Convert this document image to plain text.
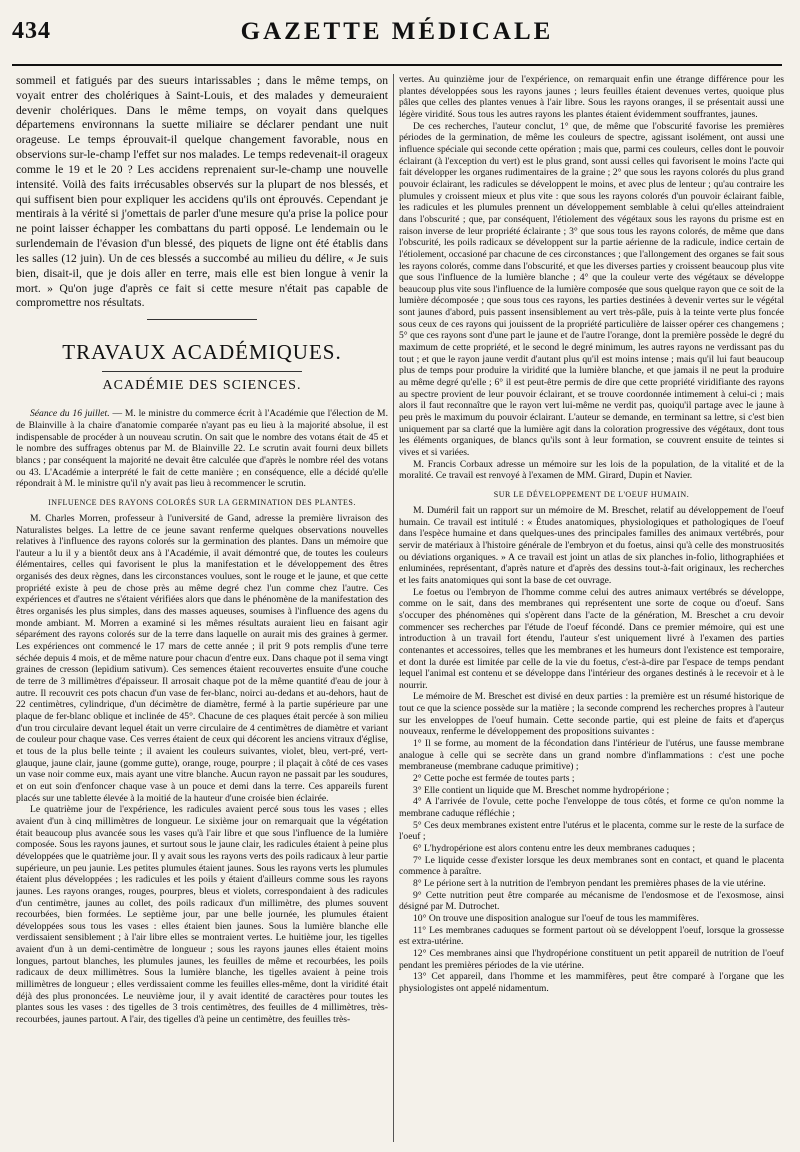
GAZETTE MÉDICALE
434

sommeil et fatigués par des sueurs intarissables ; dans le même temps, on voyait entrer des cholériques à Saint-Louis, et des malades y demeuraient devenir cholériques. Dans le même temps, on voyait dans quelques départemens environnans la suette miliaire se déclarer pendant une nuit orageuse. Le temps éprouvait-il quelque changement favorable, nous en observions sur-le-champ l'effet sur nos malades. Le temps redevenait-il orageux comme le 19 et le 20 ? Les accidens reprenaient sur-le-champ une nouvelle intensité. Voilà des faits irrécusables observés sur la plupart de nos blessés, et qui suffisent bien pour expliquer les accidens qu'ils ont éprouvés. Cependant je mentirais à la vérité si j'omettais de parler d'une mesure qu'a prise la police pour ne point laisser échapper les combattans du parti opposé. Le lendemain ou le surlendemain de l'évasion d'un blessé, des piquets de ligne ont été établis dans les salles (12 juin). Un de ces blessés a succombé au milieu du délire, « Je suis bien, disait-il, que je dois aller en terre, mais elle est bien longue à venir la mort. » Qu'on juge d'après ce fait si cette mesure n'était pas capable de compromettre nos résultats.

TRAVAUX ACADÉMIQUES.
ACADÉMIE DES SCIENCES.

Séance du 16 juillet. — M. le ministre du commerce écrit à l'Académie que l'élection de M. de Blainville à la chaire d'anatomie comparée n'ayant pas eu lieu à la majorité absolue, il est indispensable de procéder à un nouveau scrutin. On sait que le nombre des votans était de 45 et le nombre des suffrages obtenus par M. de Blainville 22. Le scrutin avait fourni deux billets blancs ; par conséquent la majorité ne devait être calculée que d'après le nombre réel des votans ou 43. L'Académie a interprété le fait de cette manière ; en conséquence, elle a décidé qu'elle répondrait à M. le ministre qu'il n'y avait pas lieu à recommencer le scrutin.

INFLUENCE DES RAYONS COLORÉS SUR LA GERMINATION DES PLANTES.

M. Charles Morren, professeur à l'université de Gand, adresse la première livraison des Naturalistes belges. La lettre de ce jeune savant renferme quelques observations nouvelles relatives à l'influence des rayons colorés sur la germination des plantes. Dans un mémoire que l'auteur a lu il y a bientôt deux ans à l'Académie, il avait démontré que, de toutes les couleurs élémentaires, celles qui favorisent le plus la manifestation et le développement des êtres organisés des deux règnes, dans les circonstances voulues, sont le rouge et le jaune, et que cette propriété existe à peu de chose près au même degré chez l'un comme chez l'autre. Ces expériences et d'autres ne s'étaient vérifiées alors que dans le phénomène de la manifestation des êtres organisés les plus simples, dans des masses aqueuses, soumises à l'influence des agens du monde ambiant. M. Morren a examiné si les mêmes résultats auraient lieu en faisant agir séparément des rayons colorés sur de la terre dans laquelle on aurait mis des graines à germer. Les expériences ont commencé le 17 mars de cette année ; il prit 9 pots remplis d'une terre séchée depuis 4 mois, et de même nature pour chacun d'entre eux. Dans chaque pot il sema vingt graines de cresson (lepidium sativum). Ces semences étaient recouvertes ensuite d'une couche de terre de 3 millimètres d'épaisseur. Il arrosait chaque pot de la même quantité d'eau de jour à autre. Il recouvrit ces pots chacun d'un vase de fer-blanc, noirci au-dedans et au-dehors, haut de 22 centimètres, cylindrique, d'un décimètre de diamètre, fermé à la partie supérieure par une plaque de fer-blanc oblique et inclinée de 45°. Chacune de ces plaques était percée à son milieu d'un trou circulaire devant lequel était un verre circulaire de 4 centimètres de diamètre et variant de couleur pour chaque vase. Ces verres étaient de ceux qui décorent les anciens vitraux d'église, et tous de la plus belle teinte ; il avaient les couleurs suivantes, violet, bleu, vert-pré, vert-glauque, jaune clair, jaune (gomme gutte), orange, rouge, pourpre ; il plaçait à côté de ces vases un vase noir comme eux, mais ayant une vitre blanche. Aucun rayon ne passait par les soudures, et on eut soin d'enfoncer chaque vase à un pouce et demi dans la terre. Ces appareils furent placés sur une tablette élevée à la moitié de la hauteur d'une croisée bien éclairée.

Le quatrième jour de l'expérience, les radicules avaient percé sous tous les vases ; elles avaient d'un à cinq millimètres de longueur. Le sixième jour on remarquait que la végétation était beaucoup plus avancée sous les vases qu'à l'air libre et que sous l'influence de la lumière composée. Sous les rayons jaunes, et surtout sous le jaune clair, les radicules étaient à peine plus développées que le quatrième jour. Il y avait sous les rayons verts des poils radicaux à leur partie supérieure, un peu jaunie. Les petites plumules étaient jaunes. Sous les rayons verts les plumules étaient plus développées ; les radicules et les poils y étaient d'ailleurs comme sous les rayons jaunes. Les rayons oranges, rouges, pourpres, bleus et violets, correspondaient à des radicules d'un centimètre, jaunes au collet, des poils radicaux d'un millimètre, des plumes souvent recourbées, bien formées. Le septième jour, par une belle journée, les plumules étaient développées sous tous les vases : elles étaient bien jaunes. Sous la lumière blanche elle verdissaient sensiblement ; à l'air libre elles se montraient vertes. Le huitième jour, les tigelles avaient d'un à un demi-centimètre de longueur ; sous les rayons jaunes elles étaient moins longues, partout blanches, les plumules jaunes, les feuilles de même et recourbées, les poils radicaux de deux millimètres. Sous la lumière blanche, les tigelles avaient à peine trois millimètres de longueur ; elles verdissaient comme les feuilles elles-même, dont la viridité était déjà des plus prononcées. Le neuvième jour, il y avait identité de caractères pour toutes les plantes sous les vases : des tigelles de 3 trois centimètres, des feuilles de 4 millimètres, très-recourbées, jaunes partout. A l'air, des tigelles d'à peine un centimètre, des feuilles très-

vertes. Au quinzième jour de l'expérience, on remarquait enfin une étrange différence pour les plantes développées sous les rayons jaunes ; leurs feuilles étaient devenues vertes, quoique plus pâles que celles des plantes venues à l'air libre. Sous les rayons oranges, il se présentait aussi une légère viridité. Sous tous les autres rayons les plantes étaient évidemment souffrantes, jaunes.

De ces recherches, l'auteur conclut, 1° que, de même que l'obscurité favorise les premières périodes de la germination, de même les couleurs de spectre, agissant isolément, ont aussi une influence spéciale qui seconde cette opération ; mais que, parmi ces couleurs, celles dont le pouvoir éclairant (à l'exception du vert) est le plus grand, sont aussi celles qui favorisent le moins l'acte qui fait développer les organes rudimentaires de la graine ; 2° que sous les rayons colorés du plus grand pouvoir éclairant, les radicules se développent le moins, et avec plus de lenteur ; qu'au contraire les plumules y croissent mieux et plus vite : que sous les rayons colorés d'un pouvoir éclairant faible, les radicules et les plumules prennent un développement semblable à celui qu'elles atteindraient dans l'obscurité ; que, par conséquent, l'étiolement des végétaux sous les rayons du prisme est en raison inverse de leur propriété éclairante ; 3° que sous tous les rayons colorés, de même que dans l'obscurité, les poils radicaux se développent sur la partie aérienne de la radicule, indice certain de l'étiolement, occasioné par chacune de ces circonstances ; que l'allongement des organes se fait sous les rayons colorés, comme dans l'obscurité, et que les diverses parties y croissent beaucoup plus vite que sous l'influence de la lumière blanche ; 4° que la couleur verte des végétaux se développe beaucoup plus vite sous l'influence de la lumière composée que sous quelque rayon que ce soit de la lumière décomposée ; que sous tous ces rayons, les parties destinées à devenir vertes sur le végétal sont jaunes d'abord, puis passent insensiblement au vert très-pâle, puis à la teinte verte plus foncée sous ceux de ces rayons qui jouissent de la propriété particulière de laisser opérer ces changemens ; 5° que ces rayons sont d'une part le jaune et de l'autre l'orange, dont la première possède le degré du maximum de cette propriété, et le second le degré minimum, les autres rayons ne verdissant pas du tout ; et que le rayon jaune verdit d'autant plus qu'il est moins intense ; mais qu'il lui faut beaucoup plus de temps pour produire la viridité que la lumière blanche, et que jamais il ne peut la produire au même degré qu'elle ; 6° il est peut-être permis de dire que cette propriété viridifiante des rayons au spectre provient de leur pouvoir éclairant, et se trouve coordonnée intimement à celui-ci ; mais alors il faut reconnaître que le rayon vert lui-même ne verdit pas, quoiqu'il partage avec le jaune à peu près le maximum du pouvoir éclairant. L'auteur se demande, en terminant sa lettre, si c'est bien uniquement par sa clarté que la lumière agit dans la coloration progressive des végétaux, dont tous les éléments organiques, de blancs qu'ils sont à leur formation, se couvrent ensuite de teintes si vives et si variées.

M. Francis Corbaux adresse un mémoire sur les lois de la population, de la vitalité et de la moralité. Ce travail est renvoyé à l'examen de MM. Girard, Dupin et Navier.

SUR LE DÉVELOPPEMENT DE L'OEUF HUMAIN.

M. Duméril fait un rapport sur un mémoire de M. Breschet, relatif au développement de l'oeuf humain. Ce travail est intitulé : « Études anatomiques, physiologiques et pathologiques de l'oeuf dans l'espèce humaine et dans quelques-unes des principales familles des animaux vertébrés, pour servir de matériaux à l'histoire générale de l'embryon et du foetus, ainsi qu'à celle des monstruosités ou déviations organiques. » A ce travail est joint un atlas de six planches in-folio, lithographiées et enluminées, représentant, d'après nature et d'après des dessins tout-à-fait originaux, les recherches et les faits anatomiques qui sont la base de cet ouvrage.

Le foetus ou l'embryon de l'homme comme celui des autres animaux vertébrés se développe, comme on le sait, dans des membranes qui représentent une sorte de coque ou d'oeuf. Sans s'occuper des phénomènes qui s'opèrent dans l'acte de la génération, M. Breschet a cru devoir commencer ses recherches par l'étude de l'oeuf fécondé. Dans ce premier mémoire, qui est une introduction à un travail fort étendu, l'auteur s'est uniquement livré à l'examen des parties contenantes et accessoires, telles que les membranes et les humeurs dont l'existence est temporaire, et dont la durée est limitée par celle de la vie du foetus, c'est-à-dire par l'espace de temps pendant lequel l'animal est contenu et se développe dans l'intérieur des organes destinés à le recevoir et à le nourrir.

Le mémoire de M. Breschet est divisé en deux parties : la première est un résumé historique de tout ce que la science possède sur la matière ; la seconde comprend les recherches propres à l'auteur sur les enveloppes de l'oeuf humain. Cette seconde partie, qui est pleine de faits et d'aperçus nouveaux, renferme le développement des propositions suivantes :

1° Il se forme, au moment de la fécondation dans l'intérieur de l'utérus, une fausse membrane analogue à celle qui se secrète dans un grand nombre d'inflammations : c'est une poche membraneuse (membrane caduque primitive) ;

2° Cette poche est fermée de toutes parts ;

3° Elle contient un liquide que M. Breschet nomme hydropérione ;

4° A l'arrivée de l'ovule, cette poche l'enveloppe de tous côtés, et forme ce qu'on nomme la membrane caduque réfléchie ;

5° Ces deux membranes existent entre l'utérus et le placenta, comme sur le reste de la surface de l'oeuf ;

6° L'hydropérione est alors contenu entre les deux membranes caduques ;

7° Le liquide cesse d'exister lorsque les deux membranes sont en contact, et quand le placenta commence à paraître.

8° Le périone sert à la nutrition de l'embryon pendant les premières phases de la vie utérine.

9° Cette nutrition peut être comparée au mécanisme de l'endosmose et de l'exosmose, ainsi désigné par M. Dutrochet.

10° On trouve une disposition analogue sur l'oeuf de tous les mammifères.

11° Les membranes caduques se forment partout où se développent l'oeuf, lorsque la grossesse est extra-utérine.

12° Ces membranes ainsi que l'hydropérione constituent un petit appareil de nutrition de l'oeuf pendant les premières périodes de la vie utérine.

13° Cet appareil, dans l'homme et les mammifères, peut être comparé à l'organe que les physiologistes ont appelé nidamentum.
